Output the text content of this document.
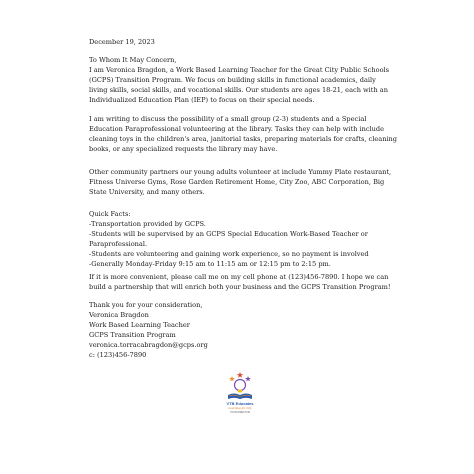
December 19, 2023
To Whom It May Concern,
I am Veronica Bragdon, a Work Based Learning Teacher for the Great City Public Schools
(GCPS) Transition Program. We focus on building skills in functional academics, daily
living skills, social skills, and vocational skills. Our students are ages 18-21, each with an
Individualized Education Plan (IEP) to focus on their special needs.
I am writing to discuss the possibility of a small group (2-3) students and a Special
Education Paraprofessional volunteering at the library. Tasks they can help with include
cleaning toys in the children's area, janitorial tasks, preparing materials for crafts, cleaning
books, or any specialized requests the library may have.
Other community partners our young adults volunteer at include Yummy Plate restaurant,
Fitness Universe Gyms, Rose Garden Retirement Home, City Zoo, ABC Corporation, Big
State University, and many others.
Quick Facts:
-Transportation provided by GCPS.
-Students will be supervised by an GCPS Special Education Work-Based Teacher or
Paraprofessional.
-Students are volunteering and gaining work experience, so no payment is involved
-Generally Monday-Friday 9:15 am to 11:15 am or 12:15 pm to 2:15 pm.
If it is more convenient, please call me on my cell phone at (123)456-7890. I hope we can
build a partnership that will enrich both your business and the GCPS Transition Program!
Thank you for your consideration,
Veronica Bragdon
Work Based Learning Teacher
GCPS Transition Program
veronica.torracabragdon@gcps.org
c: (123)456-7890
VTB Educates
Learning for Life
YOUR DIRECTIVE
